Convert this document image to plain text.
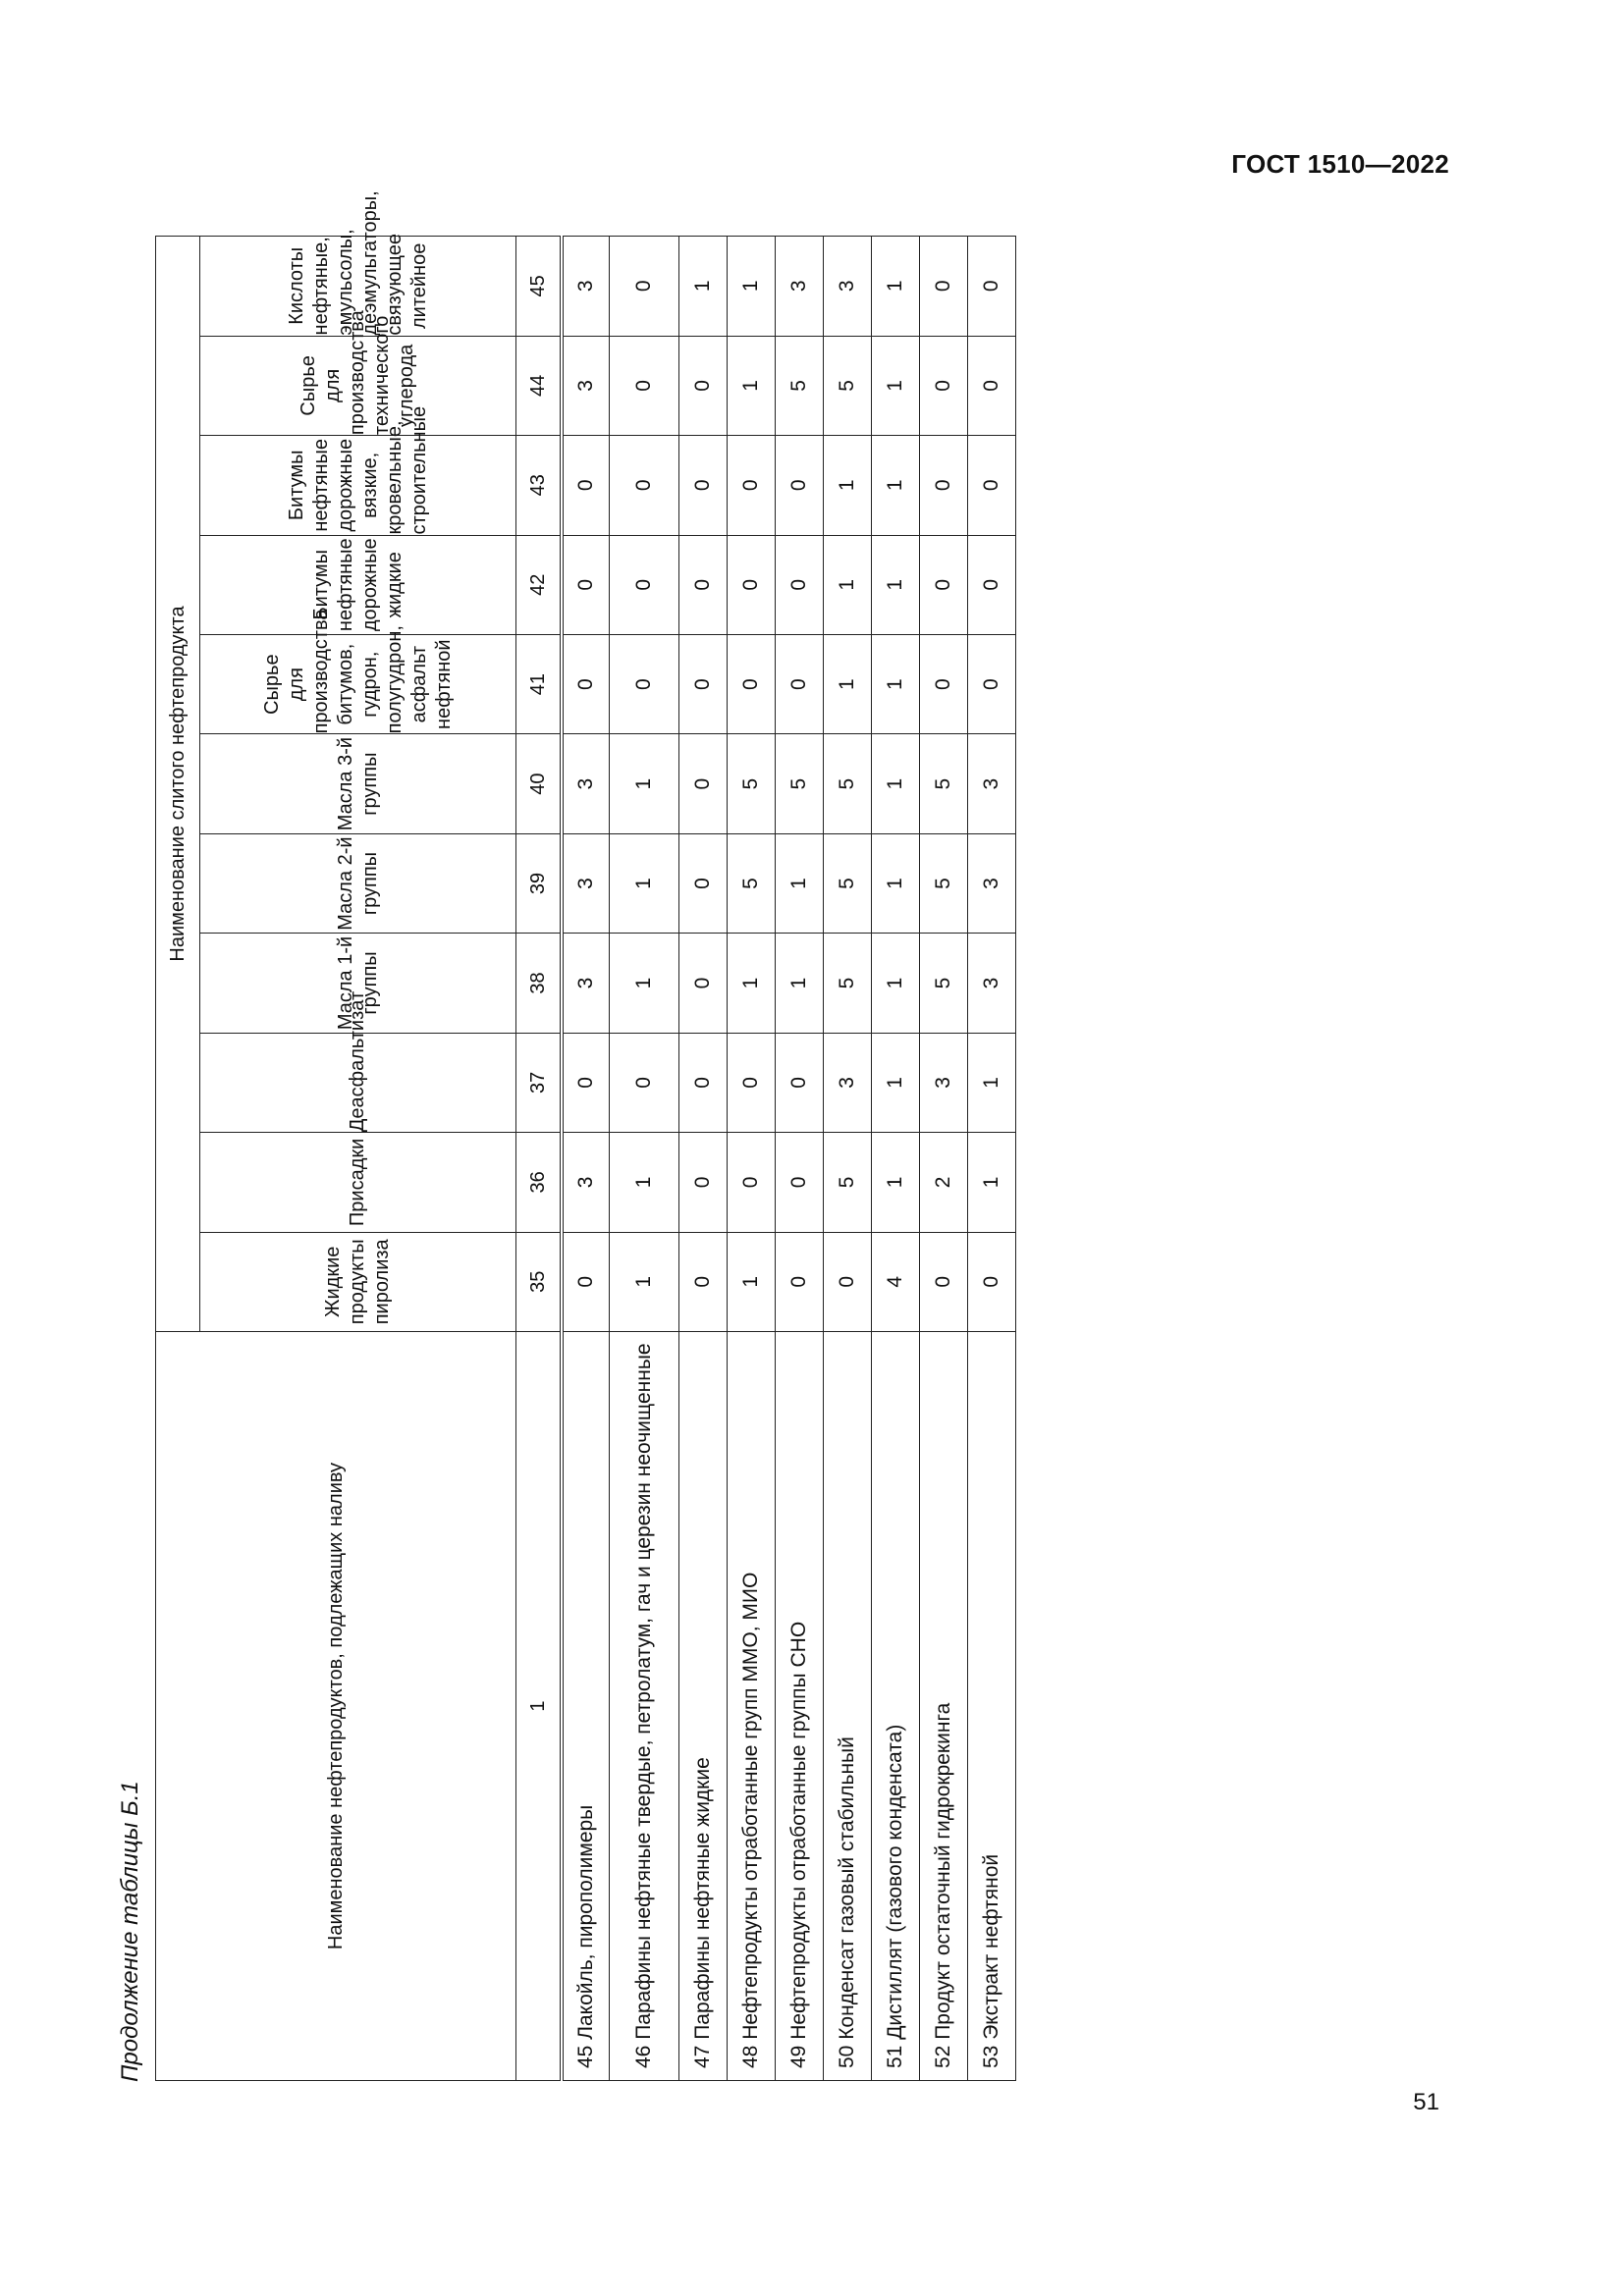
ГОСТ 1510—2022
Продолжение таблицы Б.1
51
Наименование нефтепродуктов, подлежащих наливу	Наименование слитого нефтепродукта										
	Жидкие продукты пиролиза	Присадки	Деасфальтизат	Масла 1-й группы	Масла 2-й группы	Масла 3-й группы	Сырье для производства битумов, гудрон, полугудрон, асфальт нефтяной	Битумы нефтяные дорожные жидкие	Битумы нефтяные дорожные вязкие, кровельные, строительные	Сырье для производства технического углерода	Кислоты нефтяные, эмульсолы, деэмульгаторы, связующее литейное
1	35	36	37	38	39	40	41	42	43	44	45
45 Лакойль, пирополимеры	0	3	0	3	3	3	0	0	0	3	3
46 Парафины нефтяные твердые, петролатум, гач и церезин неочищенные	1	1	0	1	1	1	0	0	0	0	0
47 Парафины нефтяные жидкие	0	0	0	0	0	0	0	0	0	0	1
48 Нефтепродукты отработанные групп ММО, МИО	1	0	0	1	5	5	0	0	0	1	1
49 Нефтепродукты отработанные группы СНО	0	0	0	1	1	5	0	0	0	5	3
50 Конденсат газовый стабильный	0	5	3	5	5	5	1	1	1	5	3
51 Дистиллят (газового конденсата)	4	1	1	1	1	1	1	1	1	1	1
52 Продукт остаточный гидрокрекинга	0	2	3	5	5	5	0	0	0	0	0
53 Экстракт нефтяной	0	1	1	3	3	3	0	0	0	0	0
